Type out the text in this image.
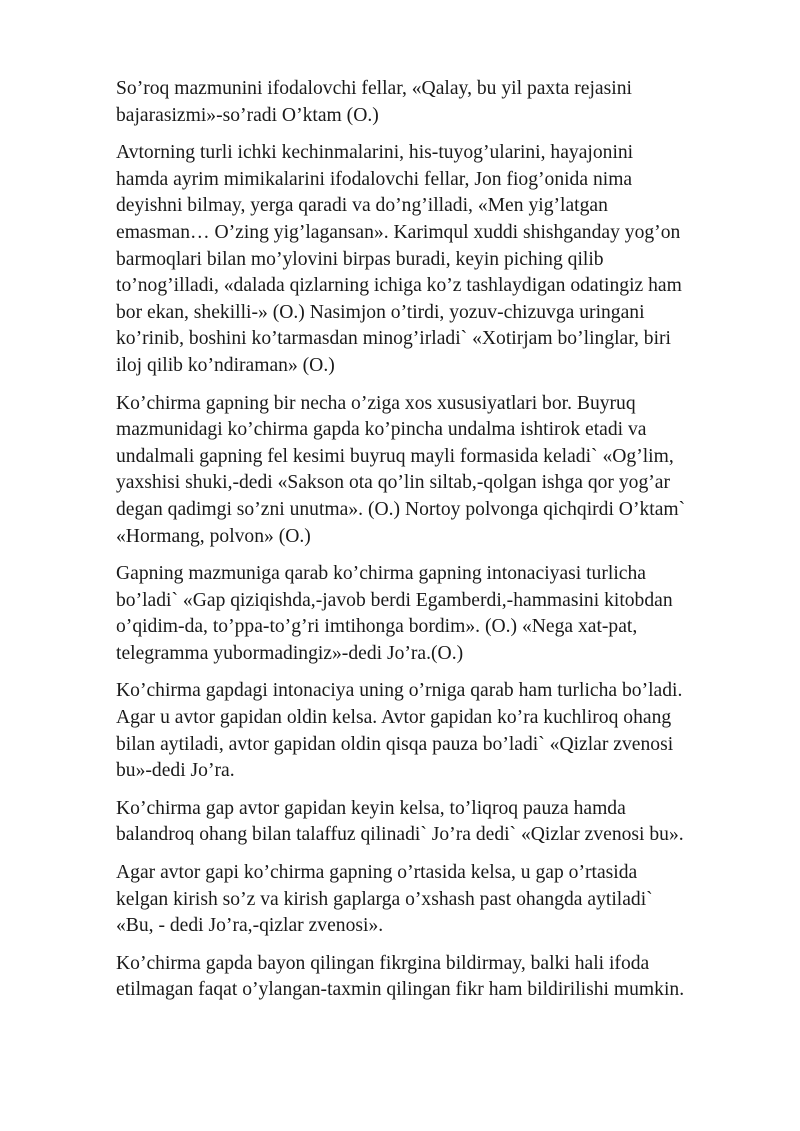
So’roq mazmunini ifodalovchi fellar, «Qalay, bu yil paxta rejasini
bajarasizmi»-so’radi O’ktam (O.)

Avtorning turli ichki kechinmalarini, his-tuyog’ularini, hayajonini
hamda ayrim mimikalarini ifodalovchi fellar, Jon fiog’onida nima
deyishni bilmay, yerga qaradi va do’ng’illadi, «Men yig’latgan
emasman… O’zing yig’lagansan». Karimqul xuddi shishganday yog’on
barmoqlari bilan mo’ylovini birpas buradi, keyin piching qilib
to’nog’illadi, «dalada qizlarning ichiga ko’z tashlaydigan odatingiz ham
bor ekan, shekilli-» (O.) Nasimjon o’tirdi, yozuv-chizuvga uringani
ko’rinib, boshini ko’tarmasdan minog’irladi` «Xotirjam bo’linglar, biri
iloj qilib ko’ndiraman» (O.)

Ko’chirma gapning bir necha o’ziga xos xususiyatlari bor. Buyruq
mazmunidagi ko’chirma gapda ko’pincha undalma ishtirok etadi va
undalmali gapning fel kesimi buyruq mayli formasida keladi` «Og’lim,
yaxshisi shuki,-dedi «Sakson ota qo’lin siltab,-qolgan ishga qor yog’ar
degan qadimgi so’zni unutma». (O.) Nortoy polvonga qichqirdi O’ktam`
«Hormang, polvon» (O.)

Gapning mazmuniga qarab ko’chirma gapning intonaciyasi turlicha
bo’ladi` «Gap qiziqishda,-javob berdi Egamberdi,-hammasini kitobdan
o’qidim-da, to’ppa-to’g’ri imtihonga bordim». (O.) «Nega xat-pat,
telegramma yubormadingiz»-dedi Jo’ra.(O.)

Ko’chirma gapdagi intonaciya uning o’rniga qarab ham turlicha bo’ladi.
Agar u avtor gapidan oldin kelsa. Avtor gapidan ko’ra kuchliroq ohang
bilan aytiladi, avtor gapidan oldin qisqa pauza bo’ladi` «Qizlar zvenosi
bu»-dedi Jo’ra.

Ko’chirma gap avtor gapidan keyin kelsa, to’liqroq pauza hamda
balandroq ohang bilan talaffuz qilinadi` Jo’ra dedi` «Qizlar zvenosi bu».

Agar avtor gapi ko’chirma gapning o’rtasida kelsa, u gap o’rtasida
kelgan kirish so’z va kirish gaplarga o’xshash past ohangda aytiladi`
«Bu, - dedi Jo’ra,-qizlar zvenosi».

Ko’chirma gapda bayon qilingan fikrgina bildirmay, balki hali ifoda
etilmagan faqat o’ylangan-taxmin qilingan fikr ham bildirilishi mumkin.
